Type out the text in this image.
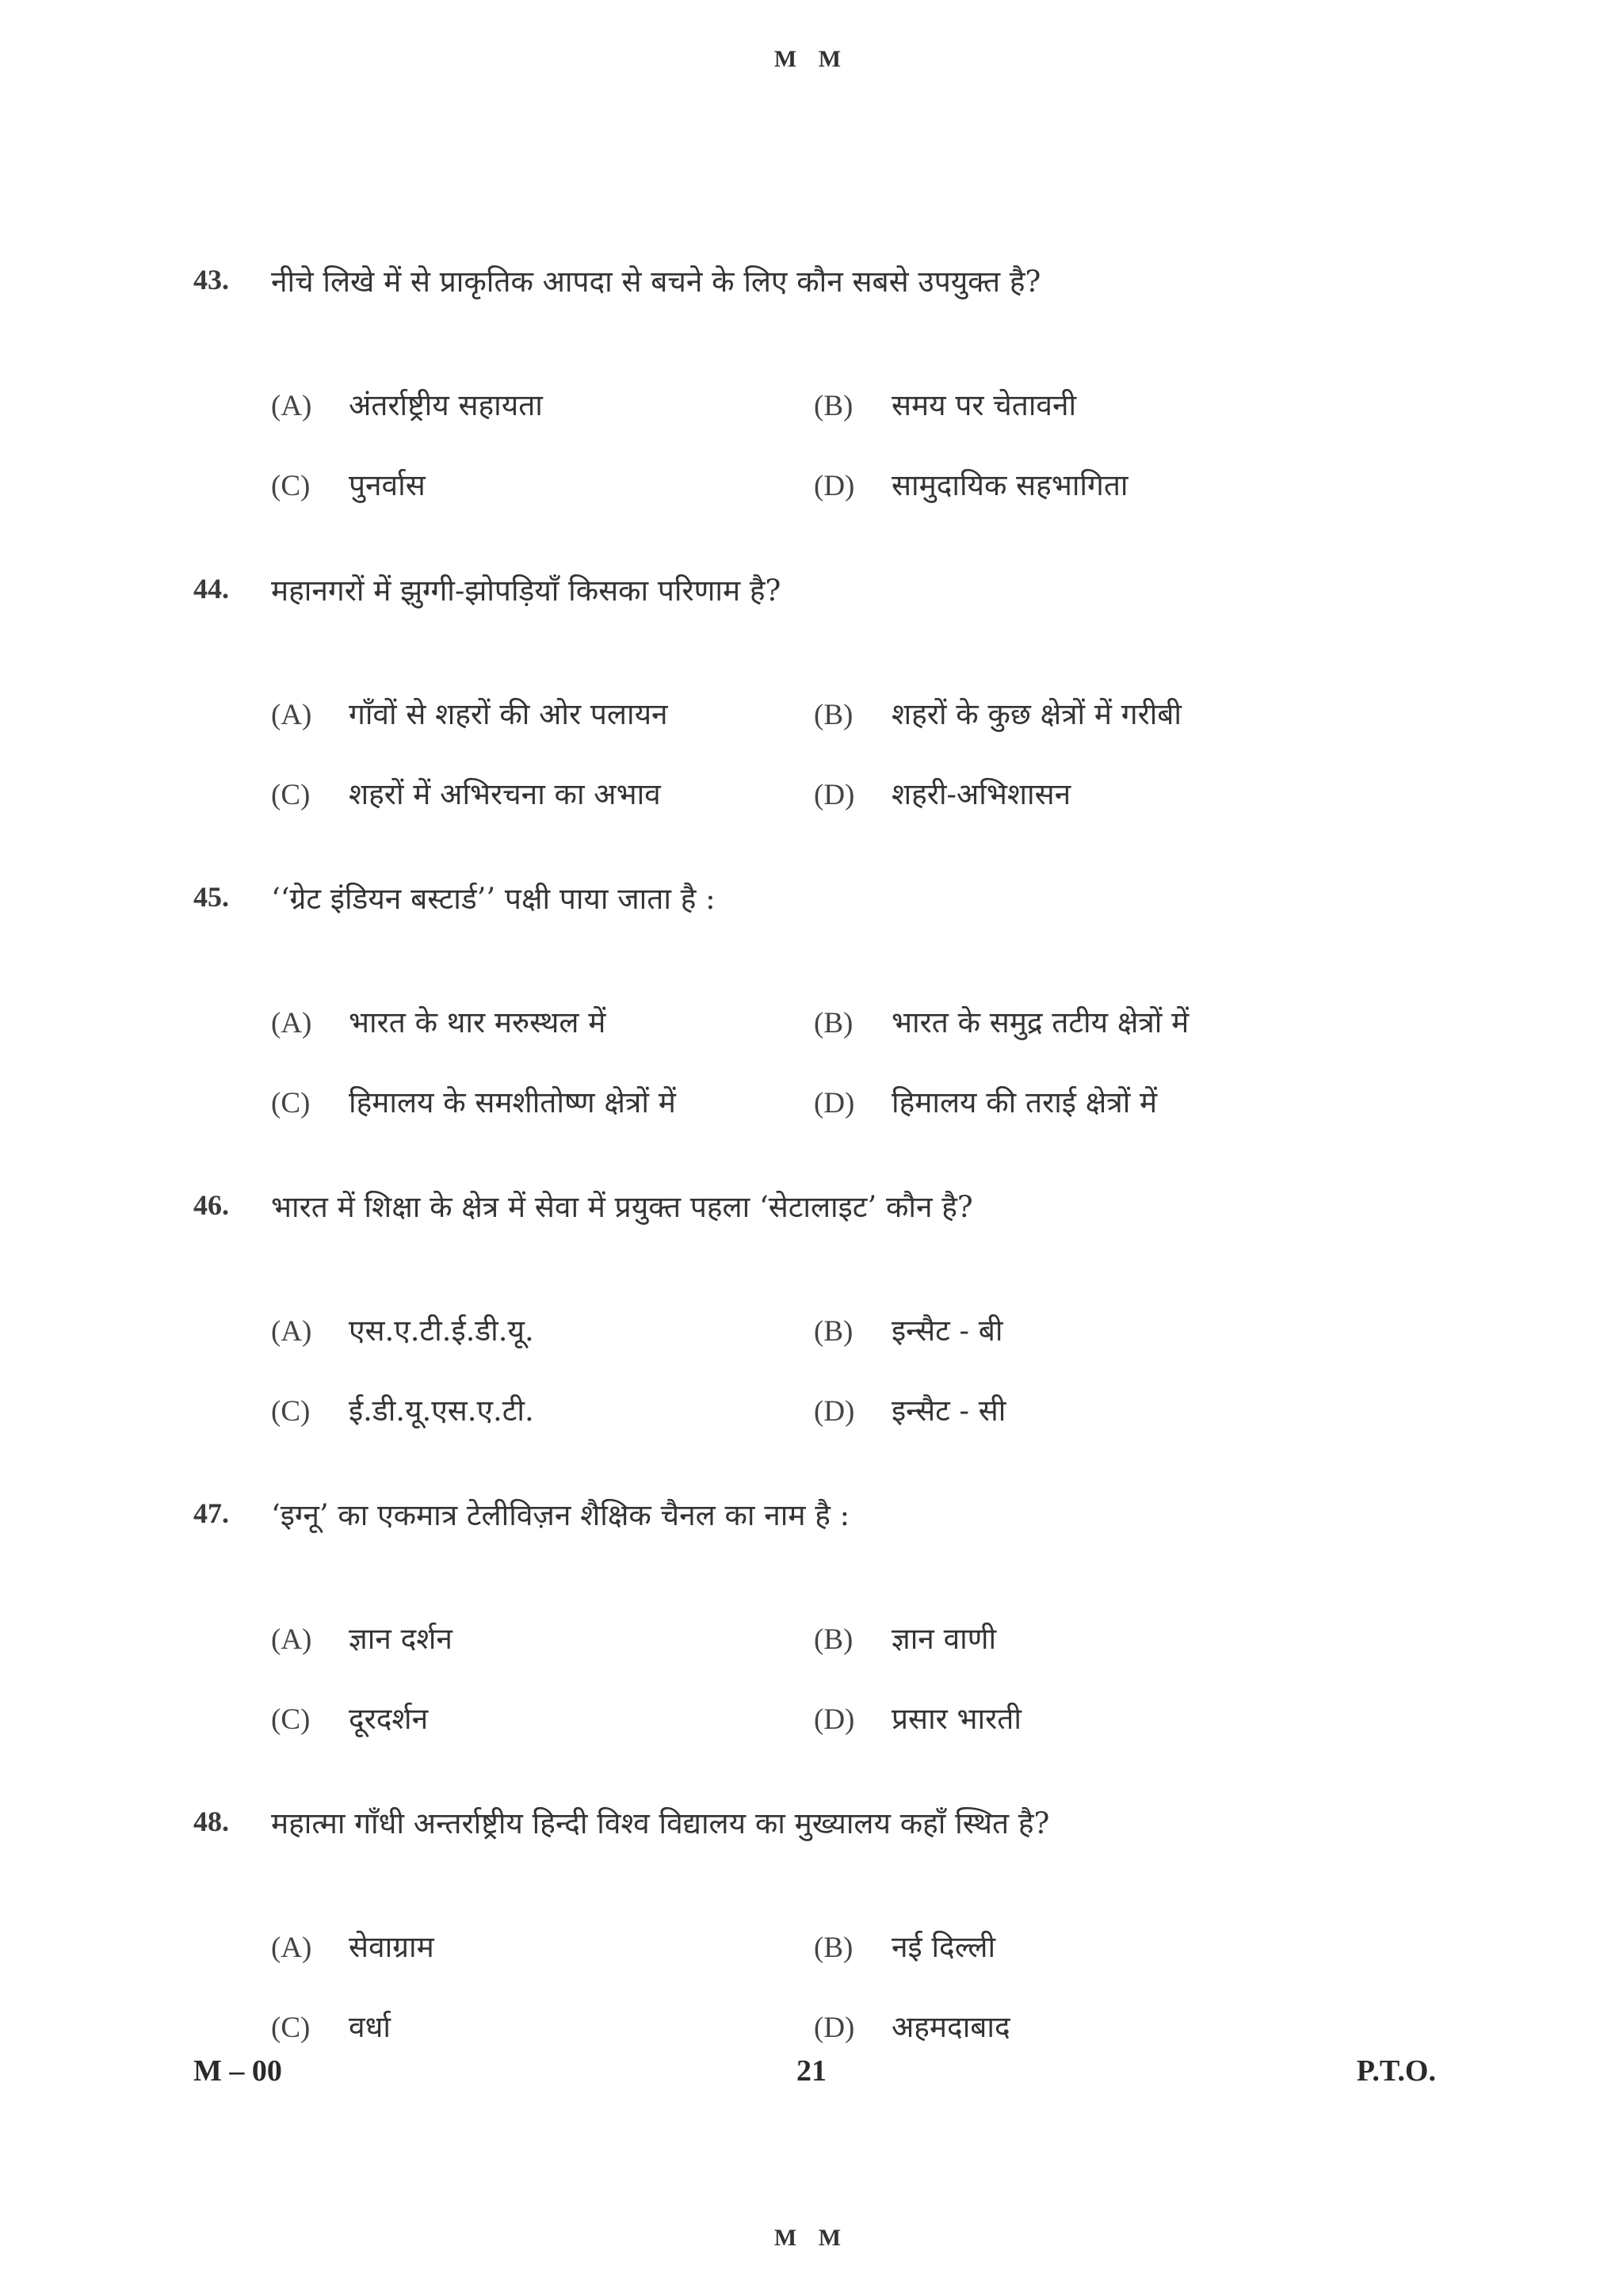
M M
43. नीचे लिखे में से प्राकृतिक आपदा से बचने के लिए कौन सबसे उपयुक्त है?
(A) अंतर्राष्ट्रीय सहायता	(B) समय पर चेतावनी
(C) पुनर्वास	(D) सामुदायिक सहभागिता
44. महानगरों में झुग्गी-झोपड़ियाँ किसका परिणाम है?
(A) गाँवों से शहरों की ओर पलायन	(B) शहरों के कुछ क्षेत्रों में गरीबी
(C) शहरों में अभिरचना का अभाव	(D) शहरी-अभिशासन
45. ‘‘ग्रेट इंडियन बस्टार्ड’’ पक्षी पाया जाता है :
(A) भारत के थार मरुस्थल में	(B) भारत के समुद्र तटीय क्षेत्रों में
(C) हिमालय के समशीतोष्ण क्षेत्रों में	(D) हिमालय की तराई क्षेत्रों में
46. भारत में शिक्षा के क्षेत्र में सेवा में प्रयुक्त पहला ‘सेटालाइट’ कौन है?
(A) एस.ए.टी.ई.डी.यू.	(B) इन्सैट - बी
(C) ई.डी.यू.एस.ए.टी.	(D) इन्सैट - सी
47. ‘इग्नू’ का एकमात्र टेलीविज़न शैक्षिक चैनल का नाम है :
(A) ज्ञान दर्शन	(B) ज्ञान वाणी
(C) दूरदर्शन	(D) प्रसार भारती
48. महात्मा गाँधी अन्तर्राष्ट्रीय हिन्दी विश्व विद्यालय का मुख्यालय कहाँ स्थित है?
(A) सेवाग्राम	(B) नई दिल्ली
(C) वर्धा	(D) अहमदाबाद
M – 00	21	P.T.O.
M M
